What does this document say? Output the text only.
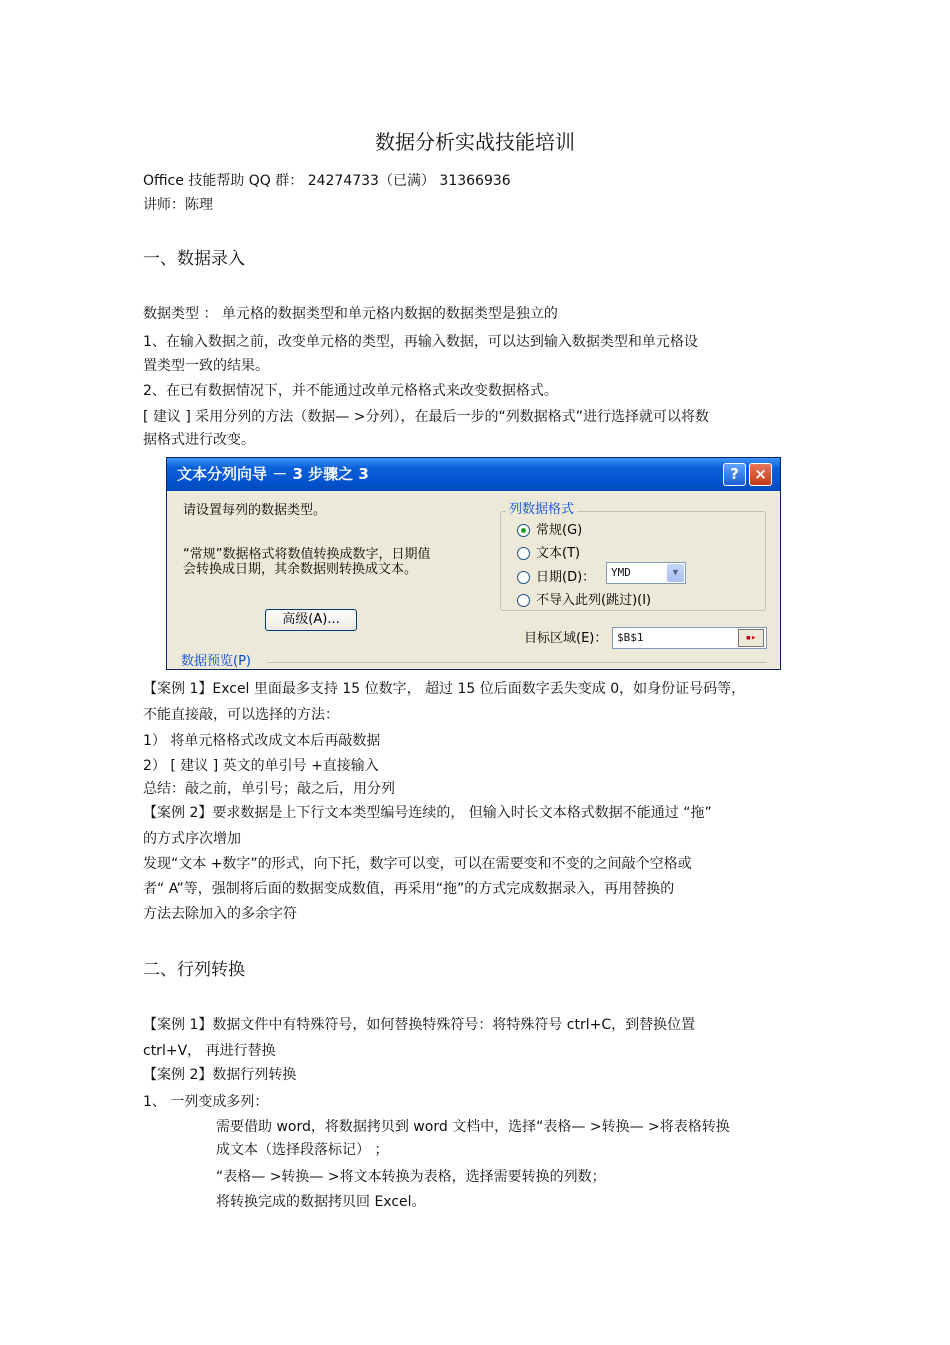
数据分析实战技能培训
Office 技能帮助 QQ 群： 24274733（已满） 31366936
讲师：陈理
一、数据录入
数据类型 ： 单元格的数据类型和单元格内数据的数据类型是独立的
1、在输入数据之前，改变单元格的类型，再输入数据，可以达到输入数据类型和单元格设
置类型一致的结果。
2、在已有数据情况下，并不能通过改单元格格式来改变数据格式。
[ 建议 ] 采用分列的方法（数据— >分列），在最后一步的“列数据格式”进行选择就可以将数
据格式进行改变。
文本分列向导 － 3 步骤之 3	?	×
请设置每列的数据类型。
“常规”数据格式将数值转换成数字，日期值
会转换成日期，其余数据则转换成文本。
高级(A)...
列数据格式
常规(G)
文本(T)
日期(D)：	YMD	▼
不导入此列(跳过)(I)
目标区域(E)： $B$1	▪▸
数据预览(P)
【案例 1】Excel 里面最多支持 15 位数字， 超过 15 位后面数字丢失变成 0，如身份证号码等，
不能直接敲，可以选择的方法：
1） 将单元格格式改成文本后再敲数据
2） [ 建议 ] 英文的单引号 +直接输入
总结：敲之前，单引号；敲之后，用分列
【案例 2】要求数据是上下行文本类型编号连续的， 但输入时长文本格式数据不能通过 “拖”
的方式序次增加
发现“文本 +数字”的形式，向下托，数字可以变，可以在需要变和不变的之间敲个空格或
者“ A”等，强制将后面的数据变成数值，再采用“拖”的方式完成数据录入，再用替换的
方法去除加入的多余字符
二、行列转换
【案例 1】数据文件中有特殊符号，如何替换特殊符号：将特殊符号 ctrl+C，到替换位置
ctrl+V， 再进行替换
【案例 2】数据行列转换
1、 一列变成多列：
需要借助 word，将数据拷贝到 word 文档中，选择“表格— >转换— >将表格转换
成文本（选择段落标记） ；
“表格— >转换— >将文本转换为表格，选择需要转换的列数；
将转换完成的数据拷贝回 Excel。
